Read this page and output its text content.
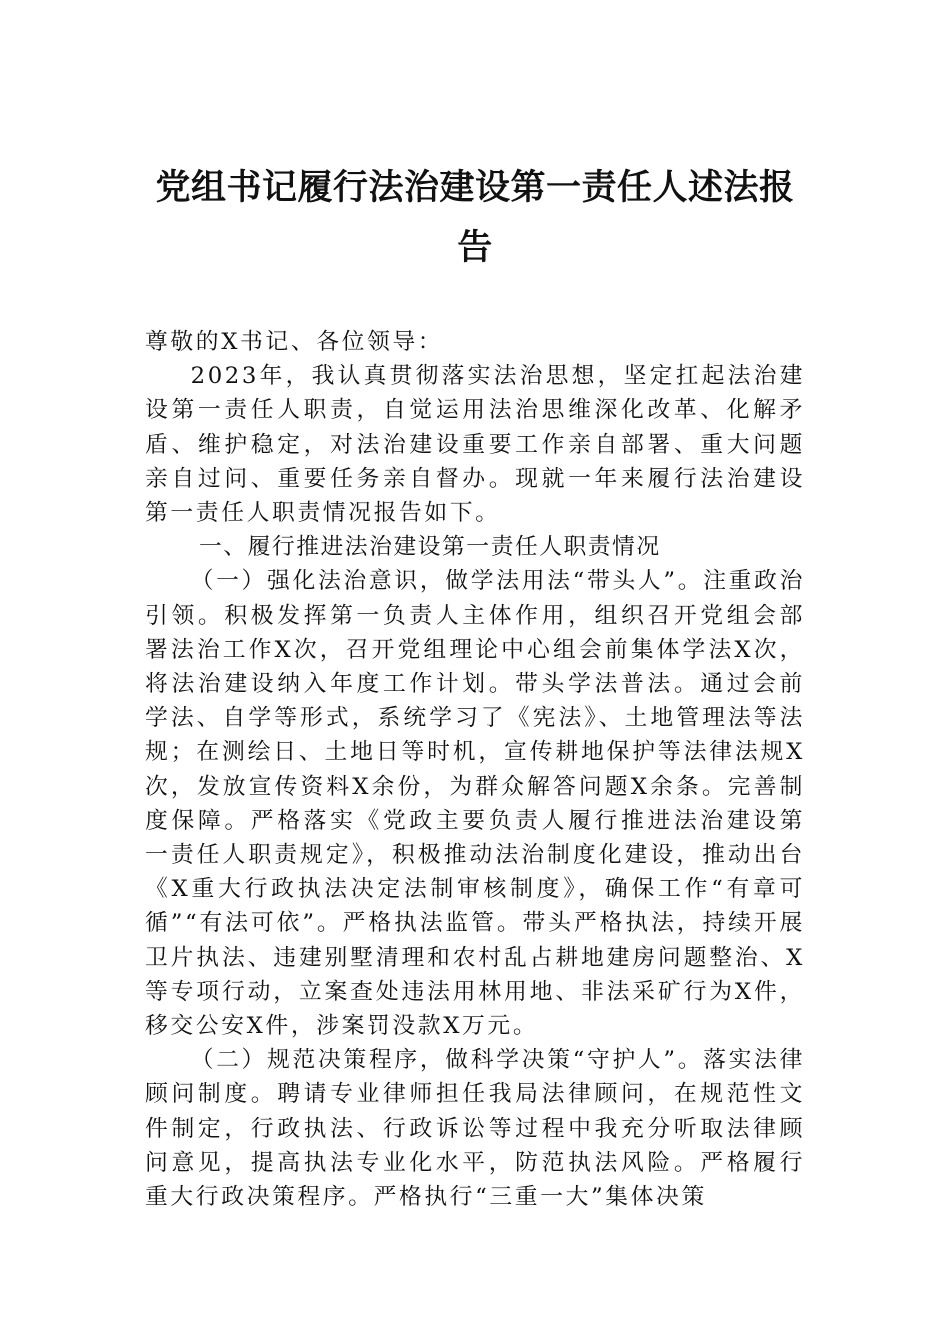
党组书记履行法治建设第一责任人述法报
告

尊敬的X书记、各位领导：

2023年，我认真贯彻落实法治思想，坚定扛起法治建设第一责任人职责，自觉运用法治思维深化改革、化解矛盾、维护稳定，对法治建设重要工作亲自部署、重大问题亲自过问、重要任务亲自督办。现就一年来履行法治建设第一责任人职责情况报告如下。

一、履行推进法治建设第一责任人职责情况

（一）强化法治意识，做学法用法“带头人”。注重政治引领。积极发挥第一负责人主体作用，组织召开党组会部署法治工作X次，召开党组理论中心组会前集体学法X次，将法治建设纳入年度工作计划。带头学法普法。通过会前学法、自学等形式，系统学习了《宪法》、土地管理法等法规；在测绘日、土地日等时机，宣传耕地保护等法律法规X次，发放宣传资料X余份，为群众解答问题X余条。完善制度保障。严格落实《党政主要负责人履行推进法治建设第一责任人职责规定》，积极推动法治制度化建设，推动出台《X重大行政执法决定法制审核制度》，确保工作“有章可循”“有法可依”。严格执法监管。带头严格执法，持续开展卫片执法、违建别墅清理和农村乱占耕地建房问题整治、X等专项行动，立案查处违法用林用地、非法采矿行为X件，移交公安X件，涉案罚没款X万元。

（二）规范决策程序，做科学决策“守护人”。落实法律顾问制度。聘请专业律师担任我局法律顾问，在规范性文件制定，行政执法、行政诉讼等过程中我充分听取法律顾问意见，提高执法专业化水平，防范执法风险。严格履行重大行政决策程序。严格执行“三重一大”集体决策
